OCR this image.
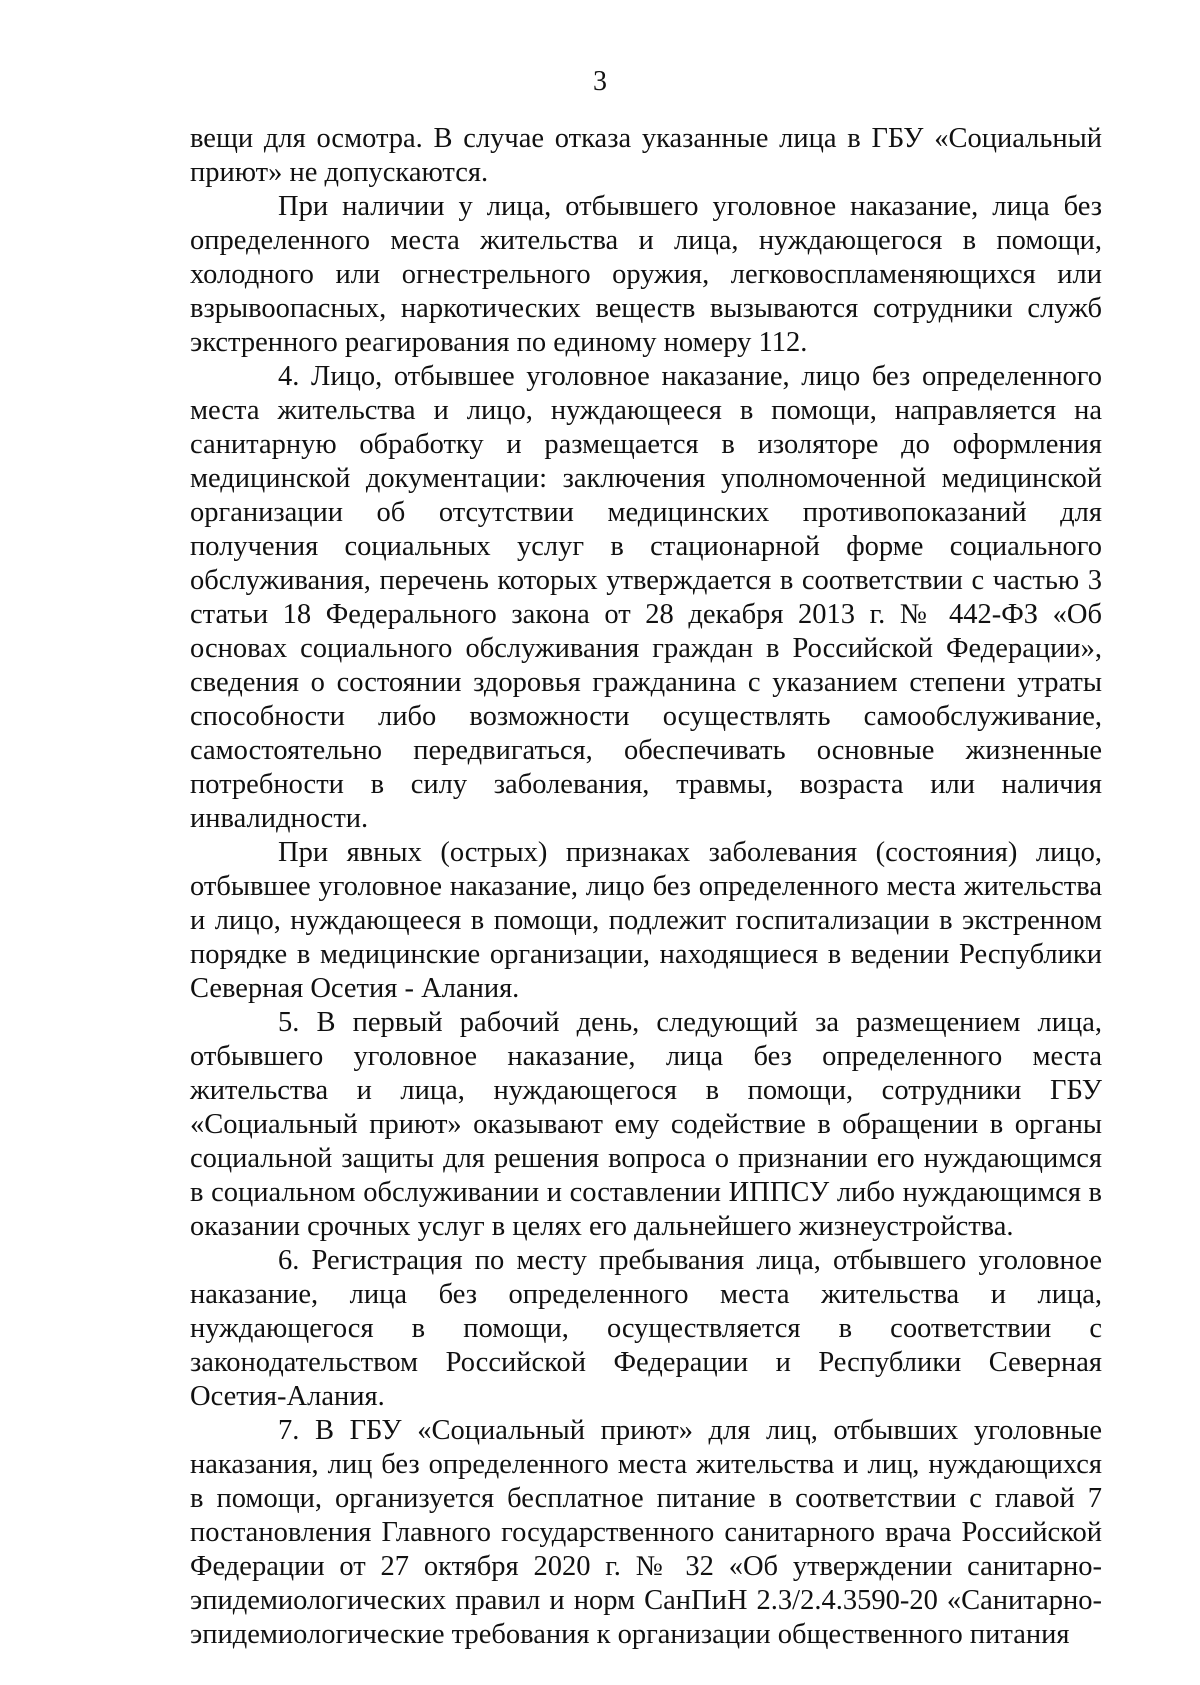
3

вещи для осмотра. В случае отказа указанные лица в ГБУ «Социальный приют» не допускаются.

При наличии у лица, отбывшего уголовное наказание, лица без определенного места жительства и лица, нуждающегося в помощи, холодного или огнестрельного оружия, легковоспламеняющихся или взрывоопасных, наркотических веществ вызываются сотрудники служб экстренного реагирования по единому номеру 112.

4. Лицо, отбывшее уголовное наказание, лицо без определенного места жительства и лицо, нуждающееся в помощи, направляется на санитарную обработку и размещается в изоляторе до оформления медицинской документации: заключения уполномоченной медицинской организации об отсутствии медицинских противопоказаний для получения социальных услуг в стационарной форме социального обслуживания, перечень которых утверждается в соответствии с частью 3 статьи 18 Федерального закона от 28 декабря 2013 г. № 442-ФЗ «Об основах социального обслуживания граждан в Российской Федерации», сведения о состоянии здоровья гражданина с указанием степени утраты способности либо возможности осуществлять самообслуживание, самостоятельно передвигаться, обеспечивать основные жизненные потребности в силу заболевания, травмы, возраста или наличия инвалидности.

При явных (острых) признаках заболевания (состояния) лицо, отбывшее уголовное наказание, лицо без определенного места жительства и лицо, нуждающееся в помощи, подлежит госпитализации в экстренном порядке в медицинские организации, находящиеся в ведении Республики Северная Осетия - Алания.

5. В первый рабочий день, следующий за размещением лица, отбывшего уголовное наказание, лица без определенного места жительства и лица, нуждающегося в помощи, сотрудники ГБУ «Социальный приют» оказывают ему содействие в обращении в органы социальной защиты для решения вопроса о признании его нуждающимся в социальном обслуживании и составлении ИППСУ либо нуждающимся в оказании срочных услуг в целях его дальнейшего жизнеустройства.

6. Регистрация по месту пребывания лица, отбывшего уголовное наказание, лица без определенного места жительства и лица, нуждающегося в помощи, осуществляется в соответствии с законодательством Российской Федерации и Республики Северная Осетия-Алания.

7. В ГБУ «Социальный приют» для лиц, отбывших уголовные наказания, лиц без определенного места жительства и лиц, нуждающихся в помощи, организуется бесплатное питание в соответствии с главой 7 постановления Главного государственного санитарного врача Российской Федерации от 27 октября 2020 г. № 32 «Об утверждении санитарно-эпидемиологических правил и норм СанПиН 2.3/2.4.3590-20 «Санитарно-эпидемиологические требования к организации общественного питания
